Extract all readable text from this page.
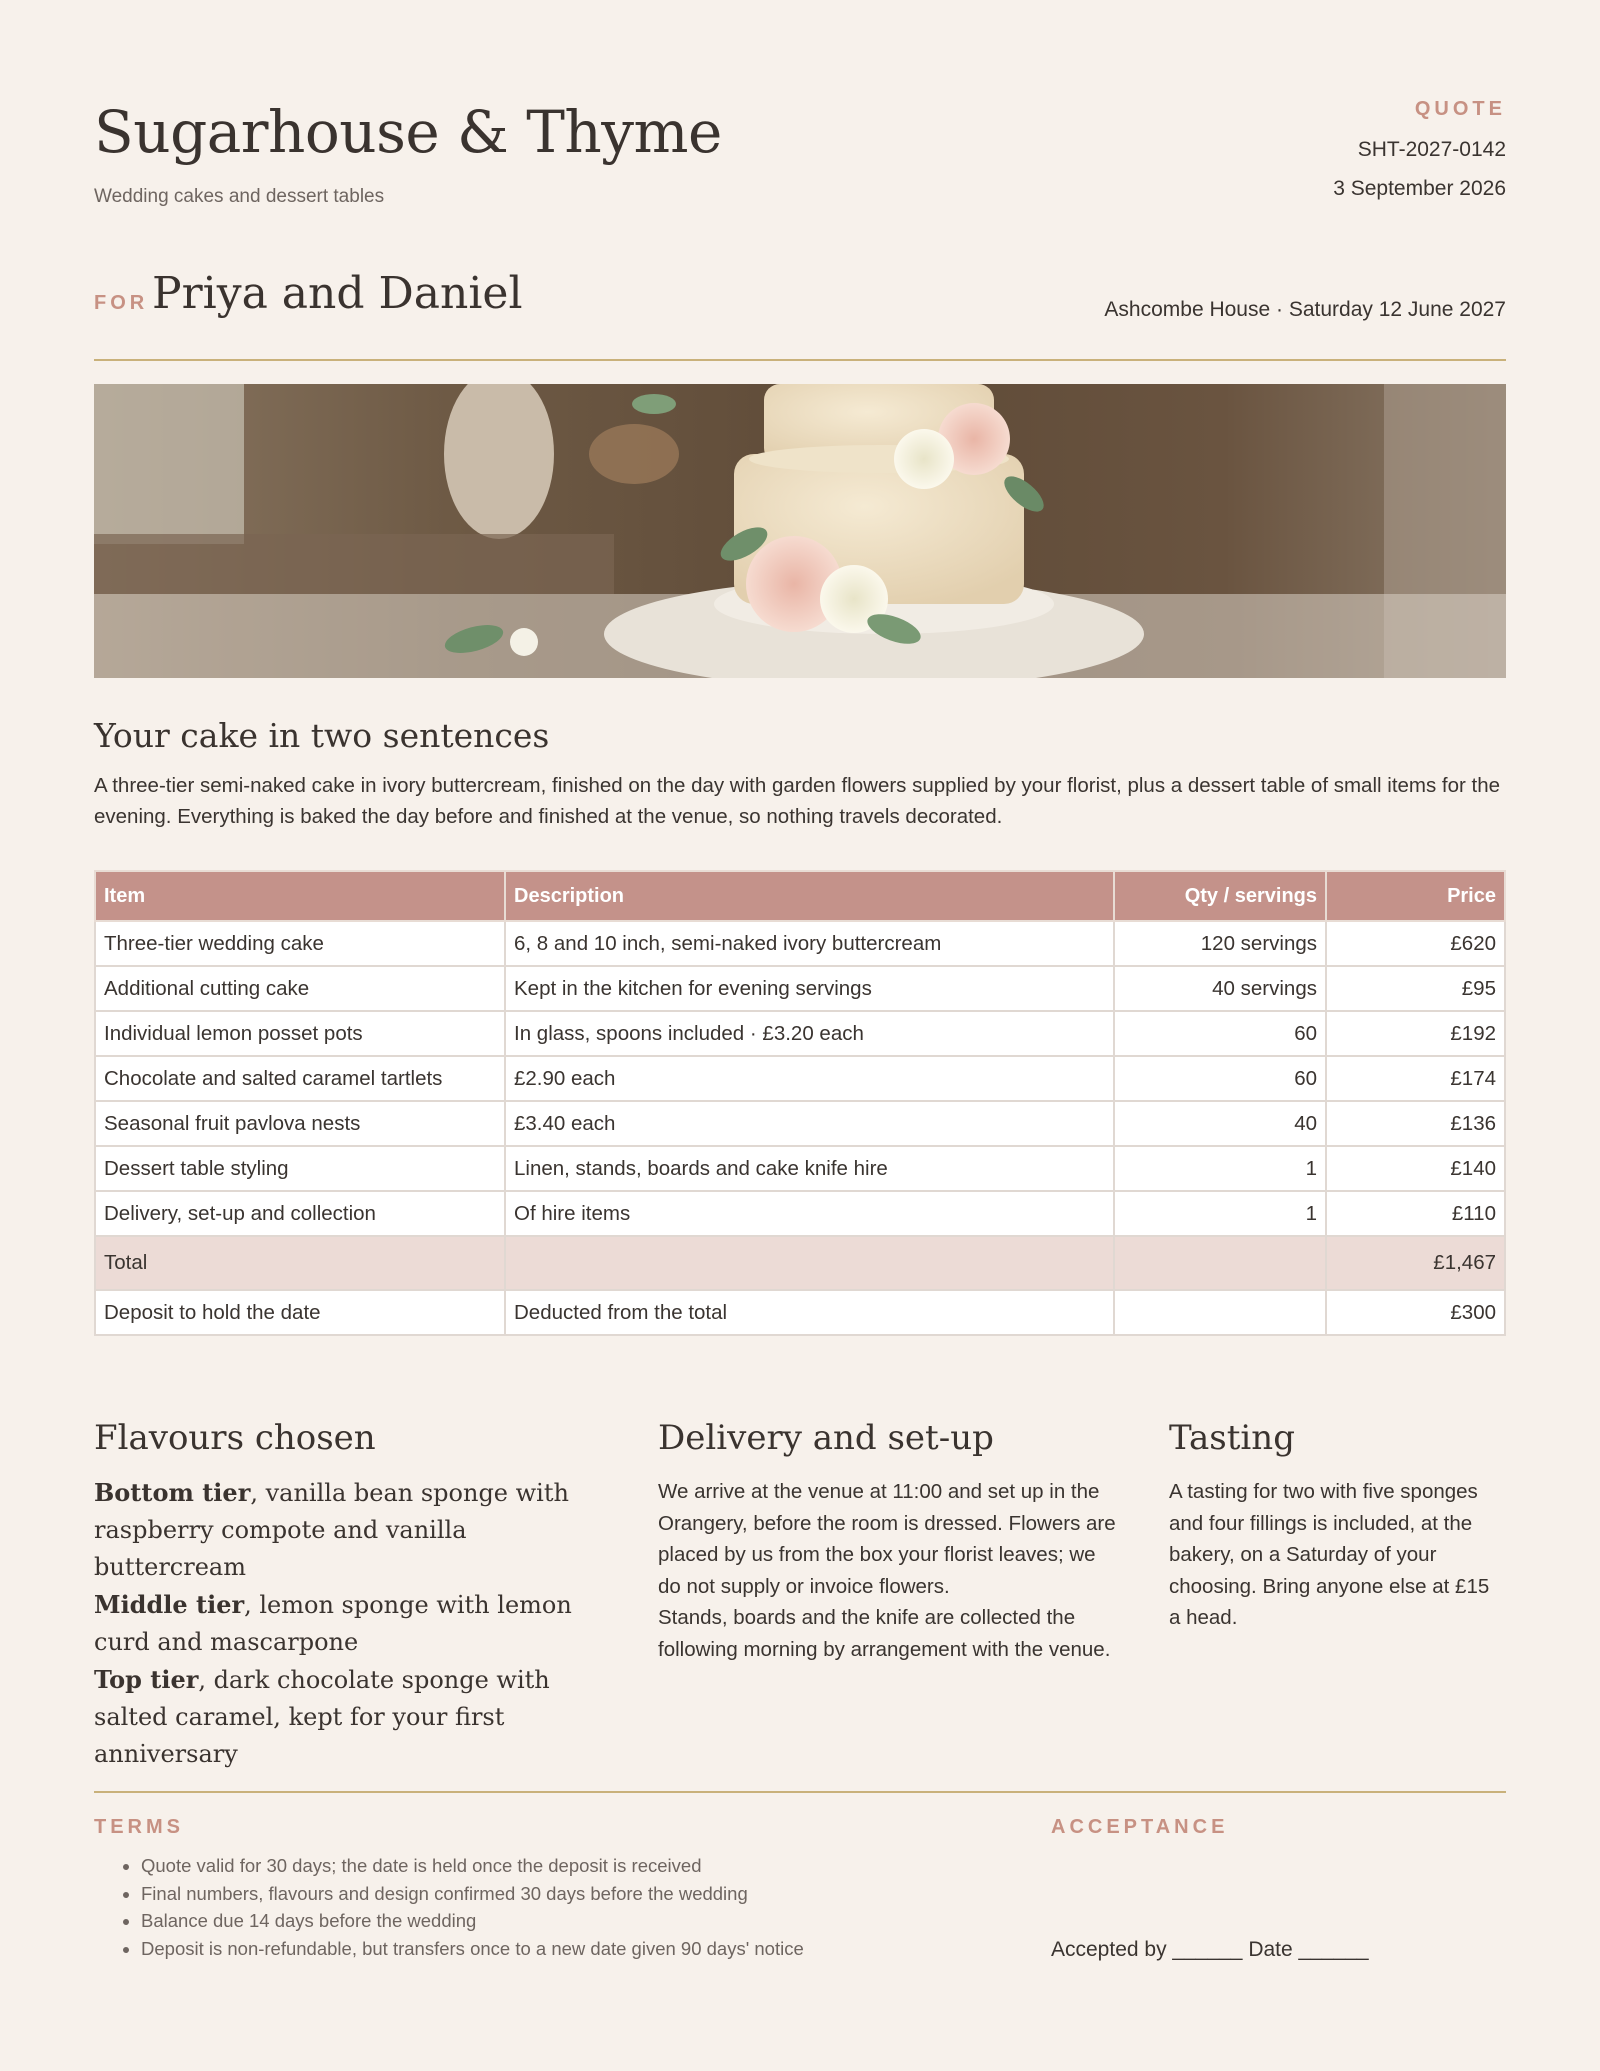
Sugarhouse & Thyme
Wedding cakes and dessert tables
QUOTE
SHT-2027-0142
3 September 2026
FOR Priya and Daniel	Ashcombe House · Saturday 12 June 2027
Your cake in two sentences
A three-tier semi-naked cake in ivory buttercream, finished on the day with garden flowers supplied by your florist, plus a dessert table of small items for the evening. Everything is baked the day before and finished at the venue, so nothing travels decorated.
Item	Description	Qty / servings	Price
Three-tier wedding cake	6, 8 and 10 inch, semi-naked ivory buttercream	120 servings	£620
Additional cutting cake	Kept in the kitchen for evening servings	40 servings	£95
Individual lemon posset pots	In glass, spoons included · £3.20 each	60	£192
Chocolate and salted caramel tartlets	£2.90 each	60	£174
Seasonal fruit pavlova nests	£3.40 each	40	£136
Dessert table styling	Linen, stands, boards and cake knife hire	1	£140
Delivery, set-up and collection	Of hire items	1	£110
Total			£1,467
Deposit to hold the date	Deducted from the total		£300
Flavours chosen
Bottom tier, vanilla bean sponge with raspberry compote and vanilla buttercream
Middle tier, lemon sponge with lemon curd and mascarpone
Top tier, dark chocolate sponge with salted caramel, kept for your first anniversary
Delivery and set-up
We arrive at the venue at 11:00 and set up in the Orangery, before the room is dressed. Flowers are placed by us from the box your florist leaves; we do not supply or invoice flowers.
Stands, boards and the knife are collected the following morning by arrangement with the venue.
Tasting
A tasting for two with five sponges and four fillings is included, at the bakery, on a Saturday of your choosing. Bring anyone else at £15 a head.
TERMS
• Quote valid for 30 days; the date is held once the deposit is received
• Final numbers, flavours and design confirmed 30 days before the wedding
• Balance due 14 days before the wedding
• Deposit is non-refundable, but transfers once to a new date given 90 days' notice
ACCEPTANCE
Accepted by ______ Date ______
